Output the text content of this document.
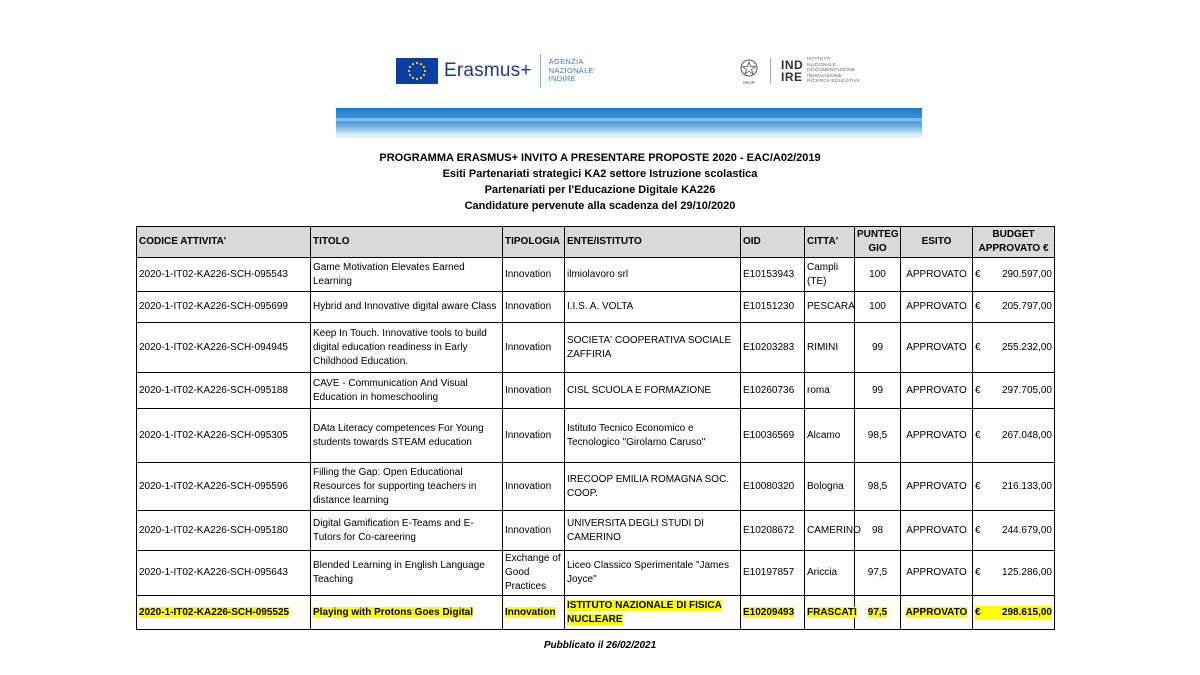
Erasmus+ AGENZIA
NAZIONALE
INDIRE	MIUR
IND
IRE
ISTITUTO
NAZIONALE
DOCUMENTAZIONE
INNOVAZIONE
RICERCA EDUCATIVA
PROGRAMMA ERASMUS+ INVITO A PRESENTARE PROPOSTE 2020 - EAC/A02/2019
Esiti Partenariati strategici KA2 settore Istruzione scolastica
Partenariati per l'Educazione Digitale KA226
Candidature pervenute alla scadenza del 29/10/2020
CODICE ATTIVITA'	TITOLO	TIPOLOGIA	ENTE/ISTITUTO	OID	CITTA'	PUNTEG GIO	ESITO	BUDGET APPROVATO €
2020-1-IT02-KA226-SCH-095543	Game Motivation Elevates Earned Learning	Innovation	ilmiolavoro srl	E10153943	Campli (TE)	100	APPROVATO	€ 290.597,00

2020-1-IT02-KA226-SCH-095699	Hybrid and Innovative digital aware Class	Innovation	I.I.S. A. VOLTA	E10151230	PESCARA	100	APPROVATO	€ 205.797,00

2020-1-IT02-KA226-SCH-094945	Keep In Touch. Innovative tools to build digital education readiness in Early Childhood Education.	Innovation	SOCIETA' COOPERATIVA SOCIALE ZAFFIRIA	E10203283	RIMINI	99	APPROVATO	€ 255.232,00

2020-1-IT02-KA226-SCH-095188	CAVE - Communication And Visual Education in homeschooling	Innovation	CISL SCUOLA E FORMAZIONE	E10260736	roma	99	APPROVATO	€ 297.705,00

2020-1-IT02-KA226-SCH-095305	DAta Literacy competences For Young students towards STEAM education	Innovation	Istituto Tecnico Economico e Tecnologico "Girolamo Caruso"	E10036569	Alcamo	98,5	APPROVATO	€ 267.048,00

2020-1-IT02-KA226-SCH-095596	Filling the Gap: Open Educational Resources for supporting teachers in distance learning	Innovation	IRECOOP EMILIA ROMAGNA SOC. COOP.	E10080320	Bologna	98,5	APPROVATO	€ 216.133,00

2020-1-IT02-KA226-SCH-095180	Digital Gamification E-Teams and E-Tutors for Co-careering	Innovation	UNIVERSITA DEGLI STUDI DI CAMERINO	E10208672	CAMERINO	98	APPROVATO	€ 244.679,00

2020-1-IT02-KA226-SCH-095643	Blended Learning in English Language Teaching	Exchange of Good Practices	Liceo Classico Sperimentale "James Joyce"	E10197857	Ariccia	97,5	APPROVATO	€ 125.286,00

2020-1-IT02-KA226-SCH-095525	Playing with Protons Goes Digital	Innovation	ISTITUTO NAZIONALE DI FISICA NUCLEARE	E10209493	FRASCATI	97,5	APPROVATO	€ 298.615,00
Pubblicato il 26/02/2021
